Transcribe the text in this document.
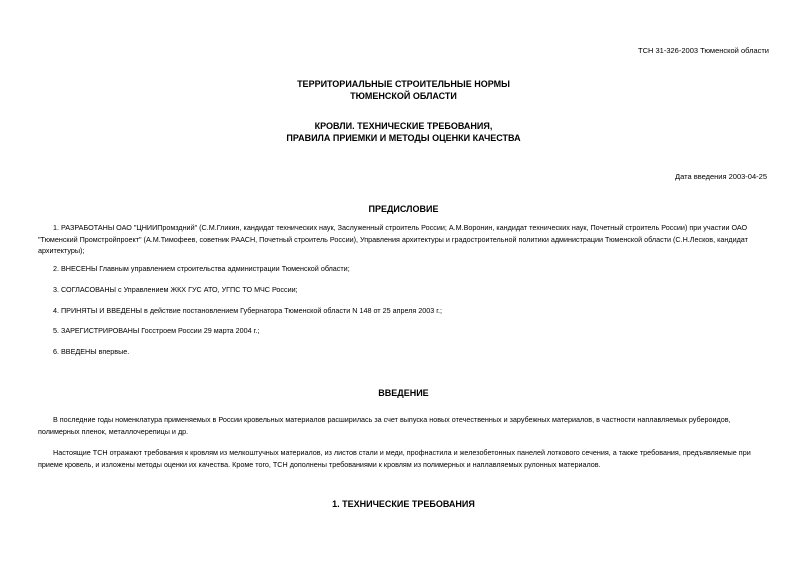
ТСН 31-326-2003 Тюменской области
ТЕРРИТОРИАЛЬНЫЕ СТРОИТЕЛЬНЫЕ НОРМЫ
ТЮМЕНСКОЙ ОБЛАСТИ
КРОВЛИ. ТЕХНИЧЕСКИЕ ТРЕБОВАНИЯ,
ПРАВИЛА ПРИЕМКИ И МЕТОДЫ ОЦЕНКИ КАЧЕСТВА
Дата введения 2003-04-25
ПРЕДИСЛОВИЕ
1. РАЗРАБОТАНЫ ОАО "ЦНИИПромздний" (С.М.Гликин, кандидат технических наук, Заслуженный строитель России; А.М.Воронин, кандидат технических наук, Почетный строитель России) при участии ОАО
"Тюменский Промстройпроект" (А.М.Тимофеев, советник РААСН, Почетный строитель России), Управления архитектуры и градостроительной политики администрации Тюменской области (С.Н.Лесков, кандидат
архитектуры);
2. ВНЕСЕНЫ Главным управлением строительства администрации Тюменской области;
3. СОГЛАСОВАНЫ с Управлением ЖКХ ГУС АТО, УГПС ТО МЧС России;
4. ПРИНЯТЫ И ВВЕДЕНЫ в действие постановлением Губернатора Тюменской области N 148 от 25 апреля 2003 г.;
5. ЗАРЕГИСТРИРОВАНЫ Госстроем России 29 марта 2004 г.;
6. ВВЕДЕНЫ впервые.
ВВЕДЕНИЕ
В последние годы номенклатура применяемых в России кровельных материалов расширилась за счет выпуска новых отечественных и зарубежных материалов, в частности наплавляемых рубероидов,
полимерных пленок, металлочерепицы и др.
Настоящие ТСН отражают требования к кровлям из мелкоштучных материалов, из листов стали и меди, профнастила и железобетонных панелей лоткового сечения, а также требования, предъявляемые при
приеме кровель, и изложены методы оценки их качества. Кроме того, ТСН дополнены требованиями к кровлям из полимерных и наплавляемых рулонных материалов.
1. ТЕХНИЧЕСКИЕ ТРЕБОВАНИЯ
